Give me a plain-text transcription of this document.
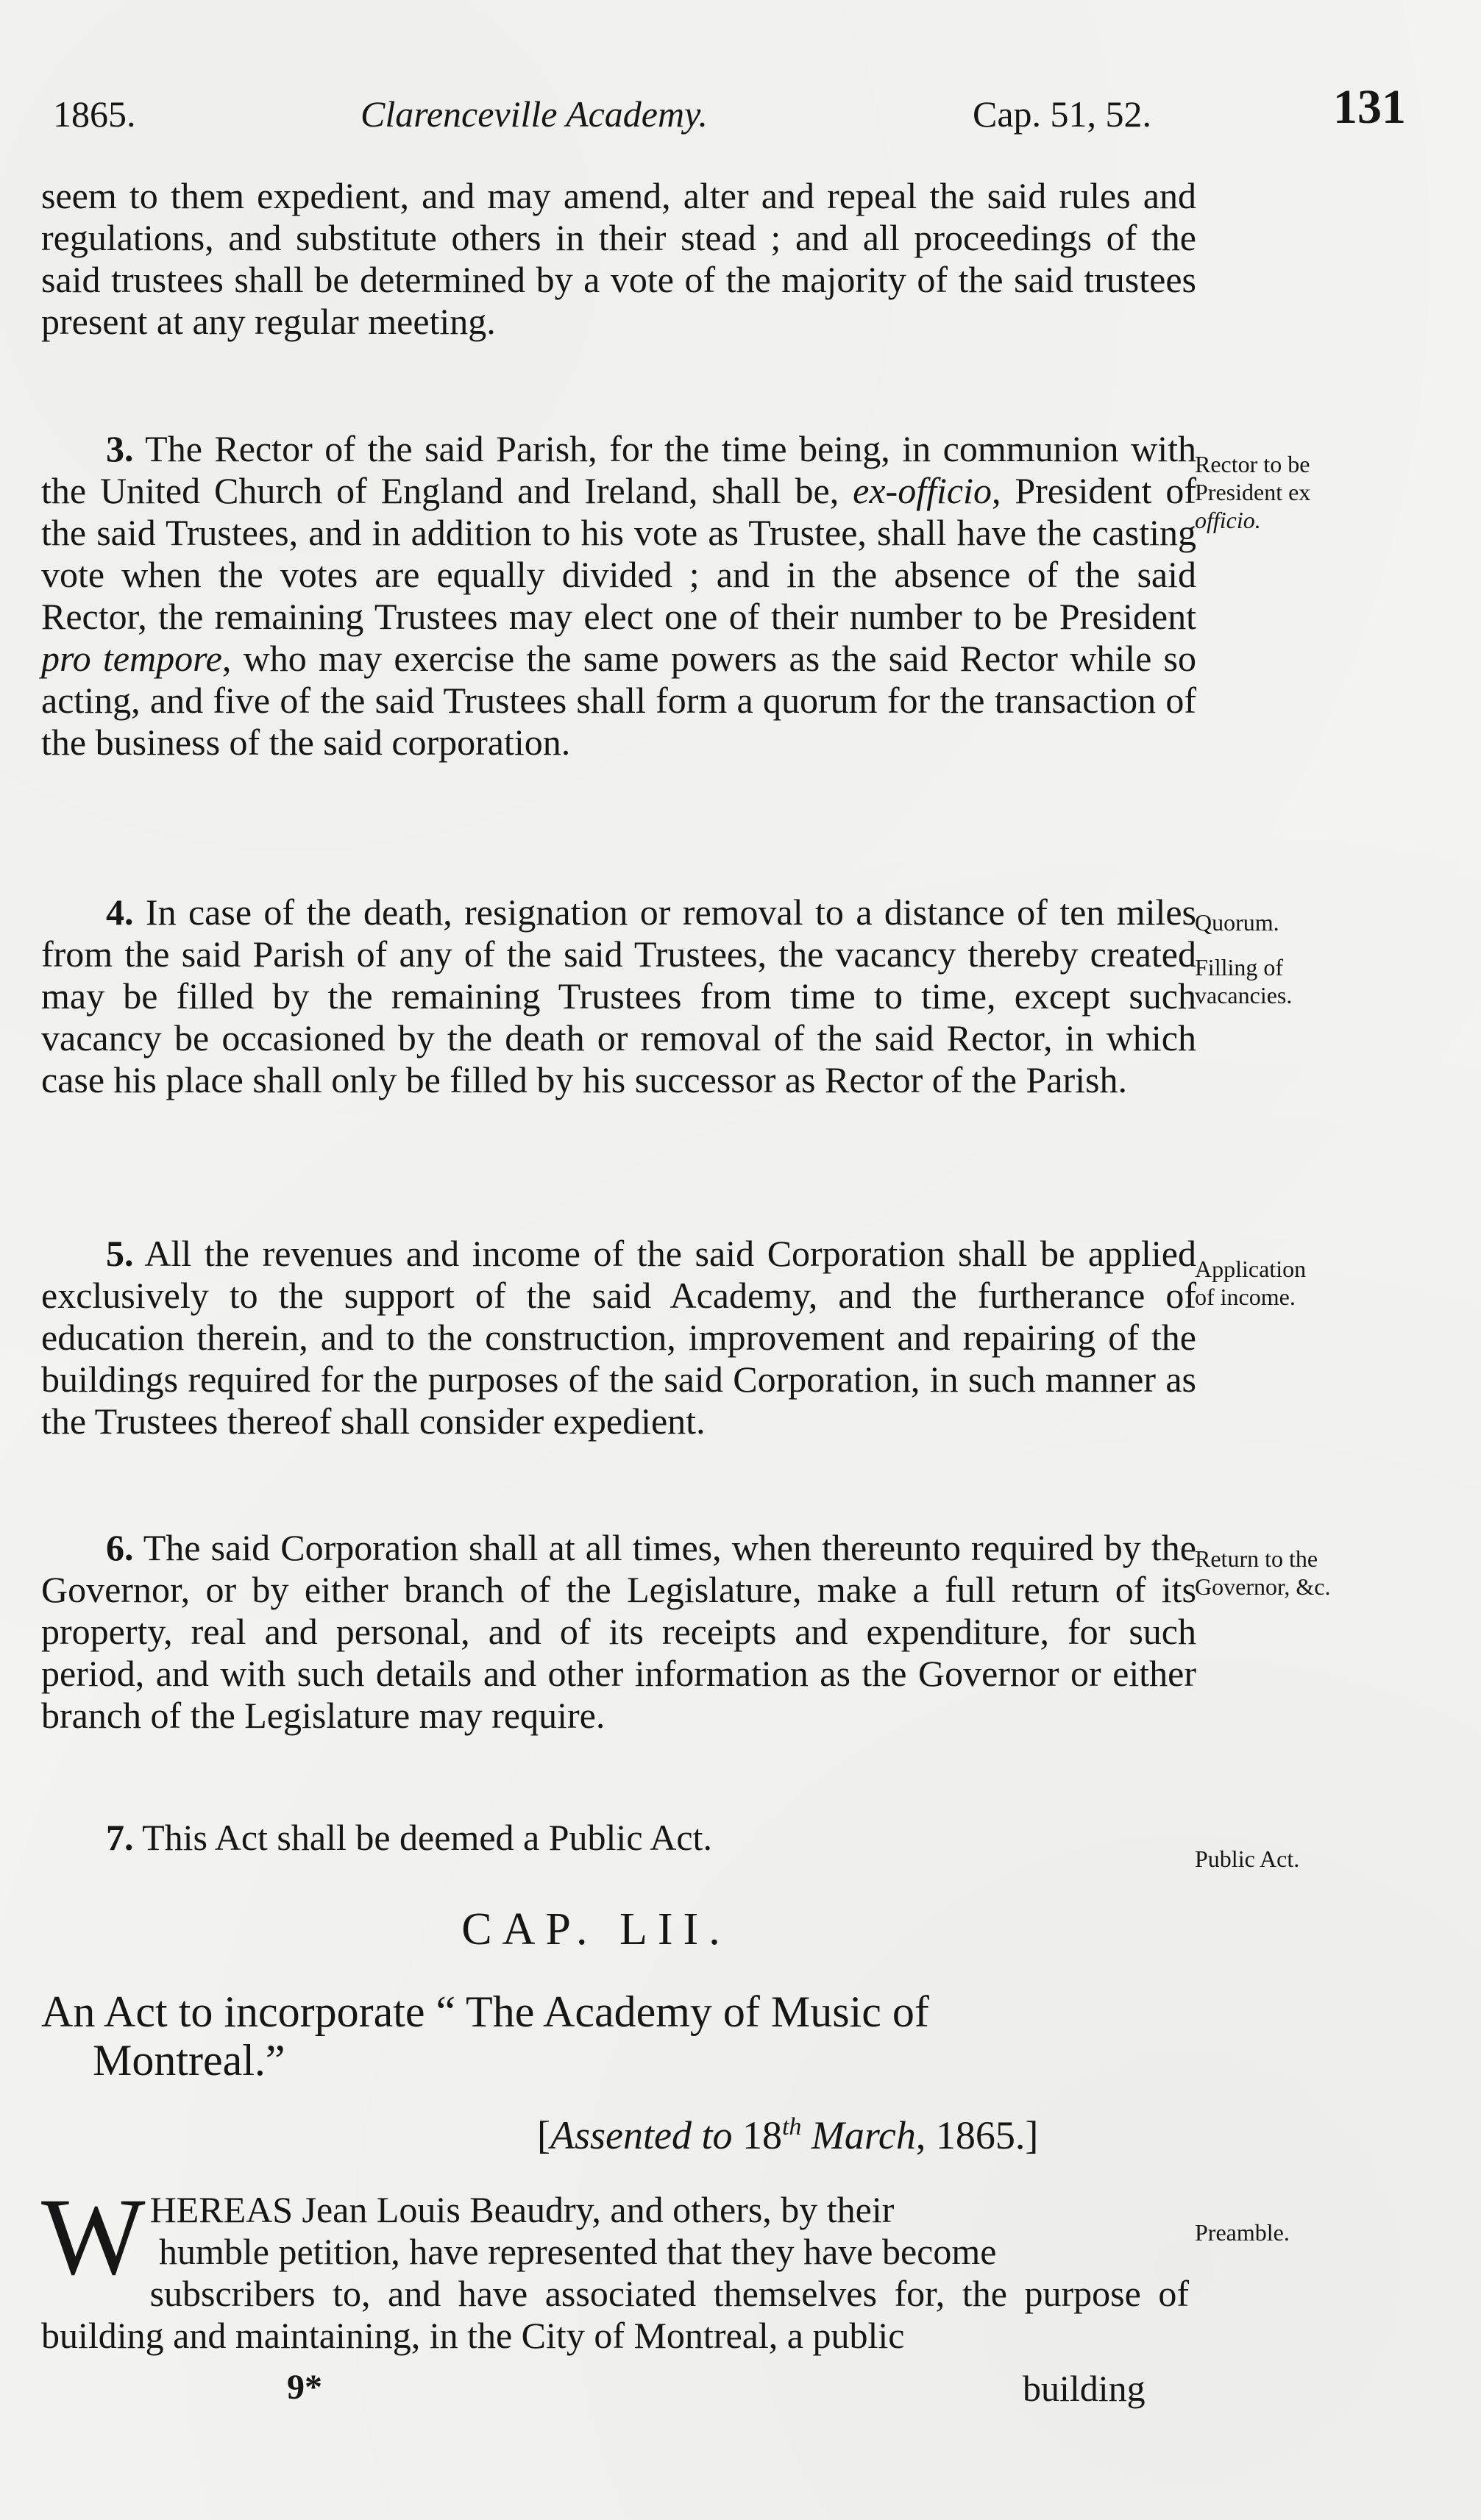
1865.	Clarenceville Academy.	Cap. 51, 52.	131

seem to them expedient, and may amend, alter and repeal the said rules and regulations, and substitute others in their stead ; and all proceedings of the said trustees shall be determined by a vote of the majority of the said trustees present at any regular meeting.

3. The Rector of the said Parish, for the time being, in communion with the United Church of England and Ireland, shall be, ex-officio, President of the said Trustees, and in addition to his vote as Trustee, shall have the casting vote when the votes are equally divided ; and in the absence of the said Rector, the remaining Trustees may elect one of their number to be President pro tempore, who may exercise the same powers as the said Rector while so acting, and five of the said Trustees shall form a quorum for the transaction of the business of the said corporation.

4. In case of the death, resignation or removal to a distance of ten miles from the said Parish of any of the said Trustees, the vacancy thereby created may be filled by the remaining Trustees from time to time, except such vacancy be occasioned by the death or removal of the said Rector, in which case his place shall only be filled by his successor as Rector of the Parish.

5. All the revenues and income of the said Corporation shall be applied exclusively to the support of the said Academy, and the furtherance of education therein, and to the construction, improvement and repairing of the buildings required for the purposes of the said Corporation, in such manner as the Trustees thereof shall consider expedient.

6. The said Corporation shall at all times, when thereunto required by the Governor, or by either branch of the Legislature, make a full return of its property, real and personal, and of its receipts and expenditure, for such period, and with such details and other information as the Governor or either branch of the Legislature may require.

7. This Act shall be deemed a Public Act.

Rector to be
President ex
officio.
Quorum.
Filling of
vacancies.
Application
of income.
Return to the
Governor, &c.
Public Act.
Preamble.
CAP. LII.
An Act to incorporate “ The Academy of Music of
Montreal.”
[Assented to 18th March, 1865.]
W HEREAS Jean Louis Beaudry, and others, by their
humble petition, have represented that they have become
subscribers to, and have associated themselves for, the purpose of building and maintaining, in the City of Montreal, a public
9*	building
